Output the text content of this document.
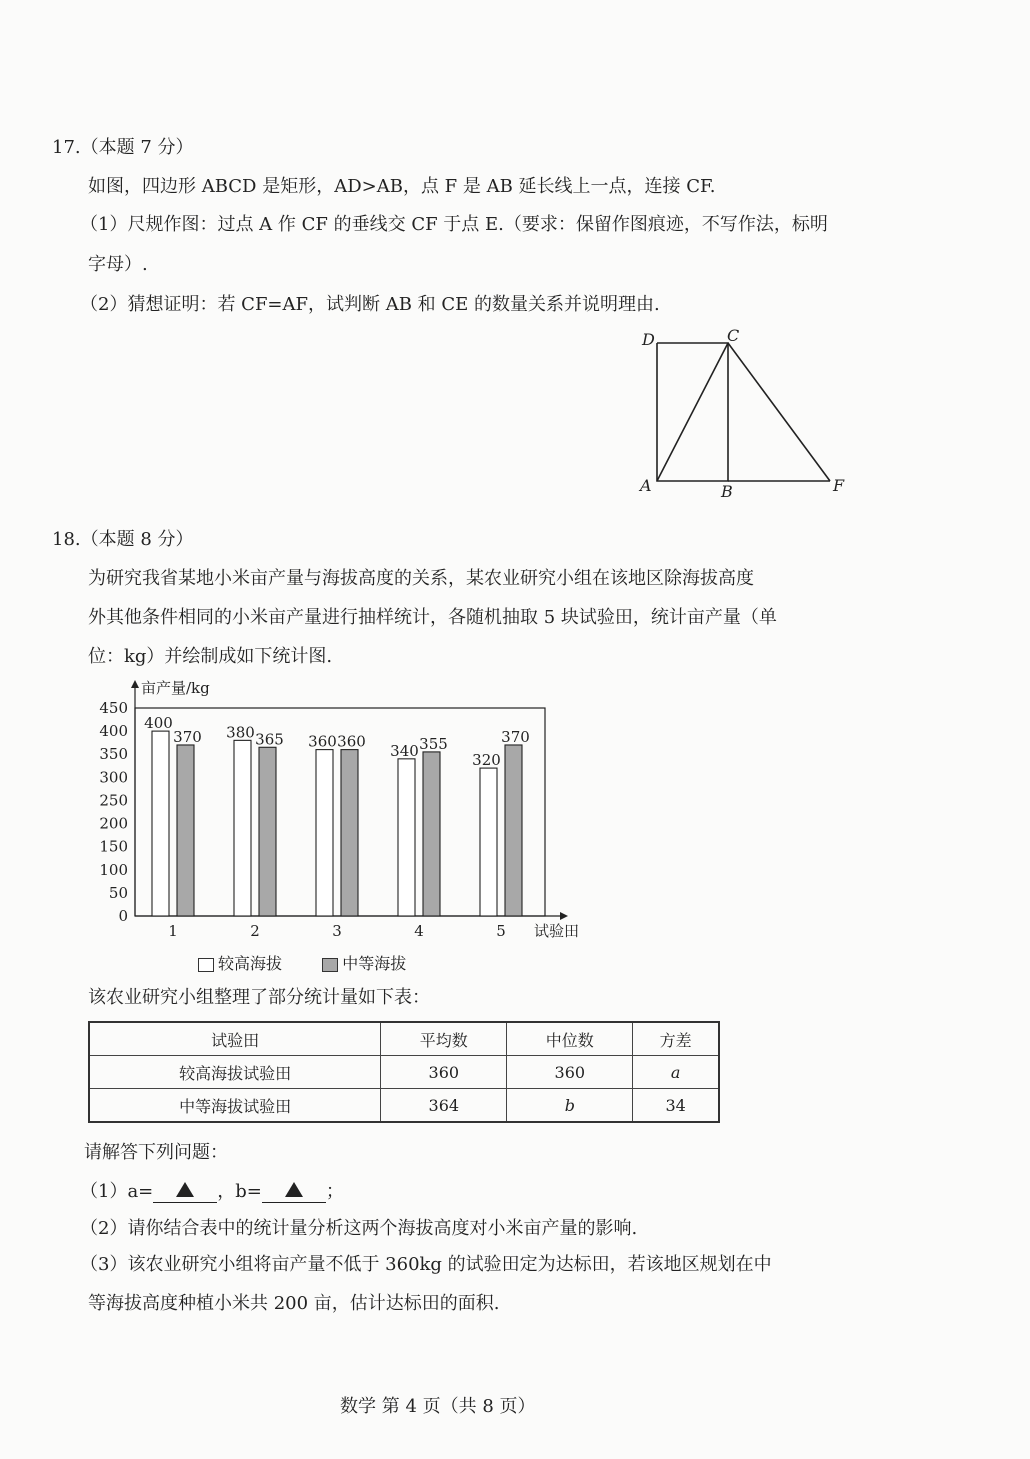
17.（本题 7 分）
如图，四边形 ABCD 是矩形，AD>AB，点 F 是 AB 延长线上一点，连接 CF.
（1）尺规作图：过点 A 作 CF 的垂线交 CF 于点 E.（要求：保留作图痕迹，不写作法，标明
字母）.
（2）猜想证明：若 CF=AF，试判断 AB 和 CE 的数量关系并说明理由.
D	C
A	B	F
18.（本题 8 分）
为研究我省某地小米亩产量与海拔高度的关系，某农业研究小组在该地区除海拔高度
外其他条件相同的小米亩产量进行抽样统计，各随机抽取 5 块试验田，统计亩产量（单
位：kg）并绘制成如下统计图.
亩产量/kg
试验田
0
50
100
150
200
250
300
350
400
450
1
400
370
2
380 365
3
360 360
4
340 355
5
320
370
较高海拔	中等海拔
该农业研究小组整理了部分统计量如下表：
试验田	平均数	中位数	方差
较高海拔试验田	360	360	a
中等海拔试验田	364	b	34
请解答下列问题：
（1）a=	，b=	；
（2）请你结合表中的统计量分析这两个海拔高度对小米亩产量的影响.
（3）该农业研究小组将亩产量不低于 360kg 的试验田定为达标田，若该地区规划在中
等海拔高度种植小米共 200 亩，估计达标田的面积.
数学 第 4 页（共 8 页）
